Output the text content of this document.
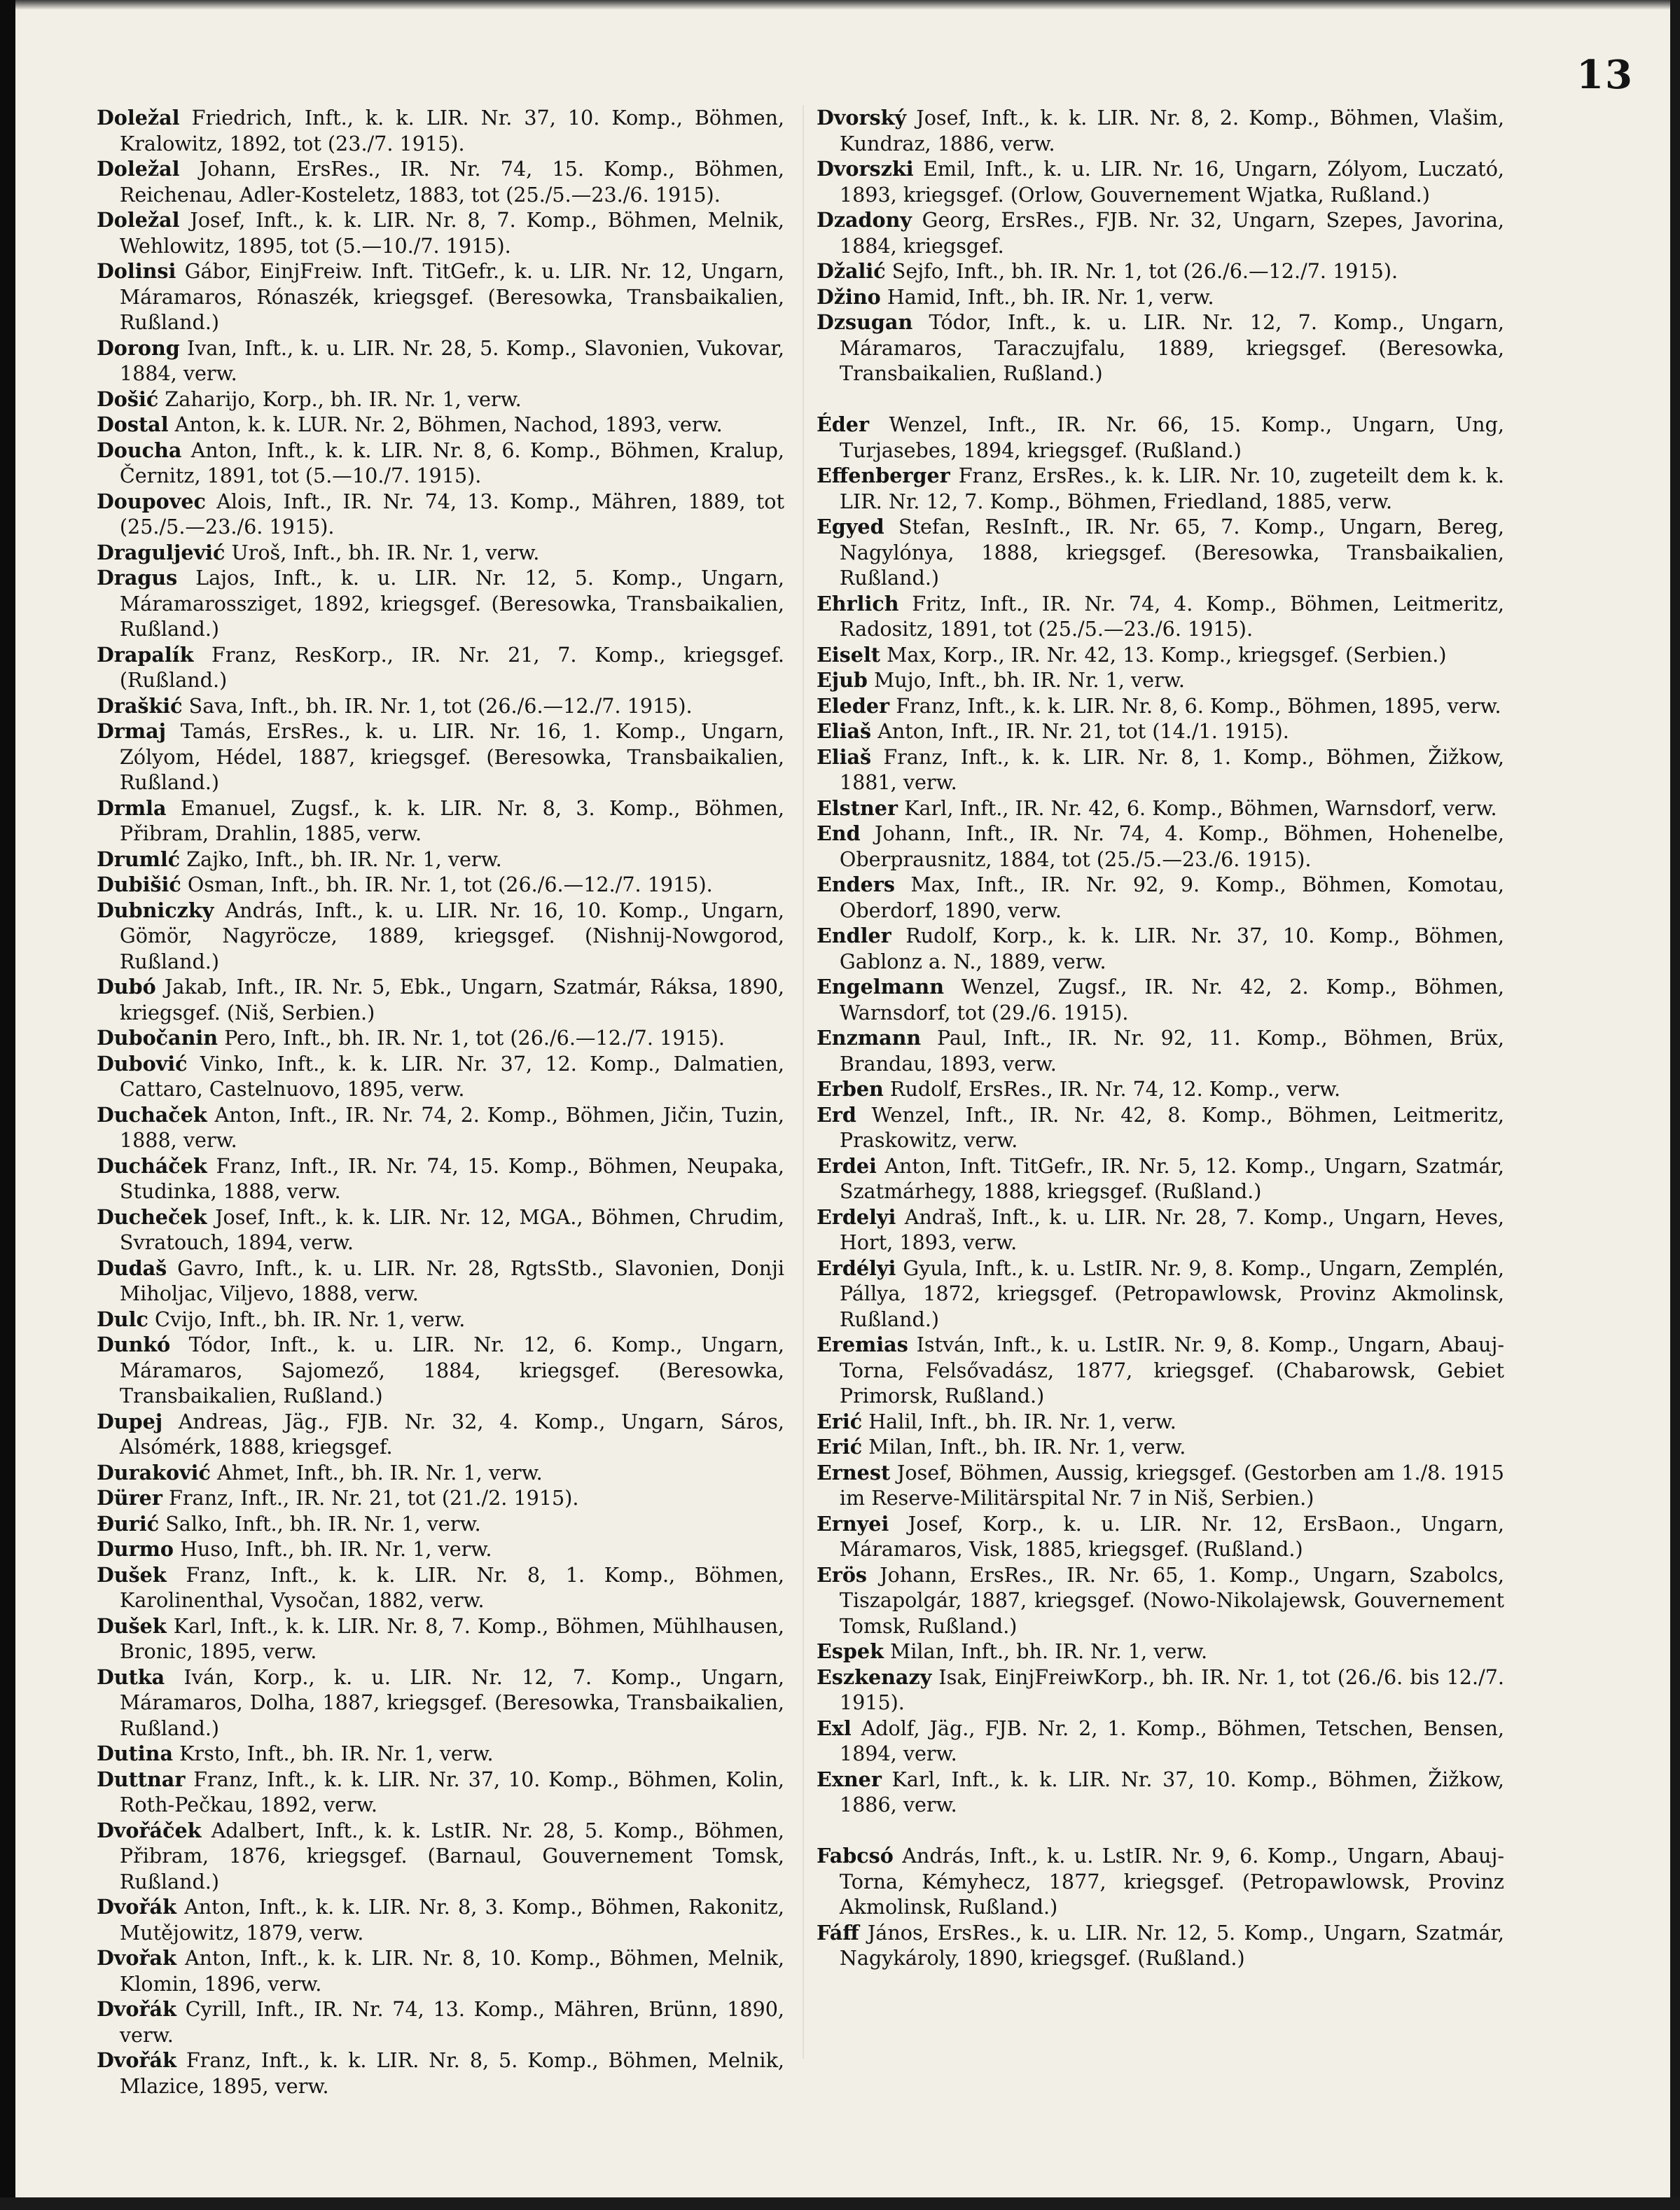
13
Doležal Friedrich, Inft., k. k. LIR. Nr. 37, 10. Komp., Böhmen, Kralowitz, 1892, tot (23./7. 1915).
Doležal Johann, ErsRes., IR. Nr. 74, 15. Komp., Böhmen, Reichenau, Adler-Kosteletz, 1883, tot (25./5.—23./6. 1915).
Doležal Josef, Inft., k. k. LIR. Nr. 8, 7. Komp., Böhmen, Melnik, Wehlowitz, 1895, tot (5.—10./7. 1915).
Dolinsi Gábor, EinjFreiw. Inft. TitGefr., k. u. LIR. Nr. 12, Ungarn, Máramaros, Rónaszék, kriegsgef. (Beresowka, Transbaikalien, Rußland.)
Dorong Ivan, Inft., k. u. LIR. Nr. 28, 5. Komp., Slavonien, Vukovar, 1884, verw.
Došić Zaharijo, Korp., bh. IR. Nr. 1, verw.
Dostal Anton, k. k. LUR. Nr. 2, Böhmen, Nachod, 1893, verw.
Doucha Anton, Inft., k. k. LIR. Nr. 8, 6. Komp., Böhmen, Kralup, Černitz, 1891, tot (5.—10./7. 1915).
Doupovec Alois, Inft., IR. Nr. 74, 13. Komp., Mähren, 1889, tot (25./5.—23./6. 1915).
Draguljević Uroš, Inft., bh. IR. Nr. 1, verw.
Dragus Lajos, Inft., k. u. LIR. Nr. 12, 5. Komp., Ungarn, Máramarossziget, 1892, kriegsgef. (Beresowka, Transbaikalien, Rußland.)
Drapalík Franz, ResKorp., IR. Nr. 21, 7. Komp., kriegsgef. (Rußland.)
Draškić Sava, Inft., bh. IR. Nr. 1, tot (26./6.—12./7. 1915).
Drmaj Tamás, ErsRes., k. u. LIR. Nr. 16, 1. Komp., Ungarn, Zólyom, Hédel, 1887, kriegsgef. (Beresowka, Transbaikalien, Rußland.)
Drmla Emanuel, Zugsf., k. k. LIR. Nr. 8, 3. Komp., Böhmen, Přibram, Drahlin, 1885, verw.
Drumlć Zajko, Inft., bh. IR. Nr. 1, verw.
Dubišić Osman, Inft., bh. IR. Nr. 1, tot (26./6.—12./7. 1915).
Dubniczky András, Inft., k. u. LIR. Nr. 16, 10. Komp., Ungarn, Gömör, Nagyröcze, 1889, kriegsgef. (Nishnij-Nowgorod, Rußland.)
Dubó Jakab, Inft., IR. Nr. 5, Ebk., Ungarn, Szatmár, Ráksa, 1890, kriegsgef. (Niš, Serbien.)
Dubočanin Pero, Inft., bh. IR. Nr. 1, tot (26./6.—12./7. 1915).
Dubović Vinko, Inft., k. k. LIR. Nr. 37, 12. Komp., Dalmatien, Cattaro, Castelnuovo, 1895, verw.
Duchaček Anton, Inft., IR. Nr. 74, 2. Komp., Böhmen, Jičin, Tuzin, 1888, verw.
Ducháček Franz, Inft., IR. Nr. 74, 15. Komp., Böhmen, Neupaka, Studinka, 1888, verw.
Ducheček Josef, Inft., k. k. LIR. Nr. 12, MGA., Böhmen, Chrudim, Svratouch, 1894, verw.
Dudaš Gavro, Inft., k. u. LIR. Nr. 28, RgtsStb., Slavonien, Donji Miholjac, Viljevo, 1888, verw.
Dulc Cvijo, Inft., bh. IR. Nr. 1, verw.
Dunkó Tódor, Inft., k. u. LIR. Nr. 12, 6. Komp., Ungarn, Máramaros, Sajomező, 1884, kriegsgef. (Beresowka, Transbaikalien, Rußland.)
Dupej Andreas, Jäg., FJB. Nr. 32, 4. Komp., Ungarn, Sáros, Alsómérk, 1888, kriegsgef.
Duraković Ahmet, Inft., bh. IR. Nr. 1, verw.
Dürer Franz, Inft., IR. Nr. 21, tot (21./2. 1915).
Đurić Salko, Inft., bh. IR. Nr. 1, verw.
Durmo Huso, Inft., bh. IR. Nr. 1, verw.
Dušek Franz, Inft., k. k. LIR. Nr. 8, 1. Komp., Böhmen, Karolinenthal, Vysočan, 1882, verw.
Dušek Karl, Inft., k. k. LIR. Nr. 8, 7. Komp., Böhmen, Mühlhausen, Bronic, 1895, verw.
Dutka Iván, Korp., k. u. LIR. Nr. 12, 7. Komp., Ungarn, Máramaros, Dolha, 1887, kriegsgef. (Beresowka, Transbaikalien, Rußland.)
Dutina Krsto, Inft., bh. IR. Nr. 1, verw.
Duttnar Franz, Inft., k. k. LIR. Nr. 37, 10. Komp., Böhmen, Kolin, Roth-Pečkau, 1892, verw.
Dvořáček Adalbert, Inft., k. k. LstIR. Nr. 28, 5. Komp., Böhmen, Přibram, 1876, kriegsgef. (Barnaul, Gouvernement Tomsk, Rußland.)
Dvořák Anton, Inft., k. k. LIR. Nr. 8, 3. Komp., Böhmen, Rakonitz, Mutějowitz, 1879, verw.
Dvořak Anton, Inft., k. k. LIR. Nr. 8, 10. Komp., Böhmen, Melnik, Klomin, 1896, verw.
Dvořák Cyrill, Inft., IR. Nr. 74, 13. Komp., Mähren, Brünn, 1890, verw.
Dvořák Franz, Inft., k. k. LIR. Nr. 8, 5. Komp., Böhmen, Melnik, Mlazice, 1895, verw.
Dvorský Josef, Inft., k. k. LIR. Nr. 8, 2. Komp., Böhmen, Vlašim, Kundraz, 1886, verw.
Dvorszki Emil, Inft., k. u. LIR. Nr. 16, Ungarn, Zólyom, Luczató, 1893, kriegsgef. (Orlow, Gouvernement Wjatka, Rußland.)
Dzadony Georg, ErsRes., FJB. Nr. 32, Ungarn, Szepes, Javorina, 1884, kriegsgef.
Džalić Sejfo, Inft., bh. IR. Nr. 1, tot (26./6.—12./7. 1915).
Džino Hamid, Inft., bh. IR. Nr. 1, verw.
Dzsugan Tódor, Inft., k. u. LIR. Nr. 12, 7. Komp., Ungarn, Máramaros, Taraczujfalu, 1889, kriegsgef. (Beresowka, Transbaikalien, Rußland.)
Éder Wenzel, Inft., IR. Nr. 66, 15. Komp., Ungarn, Ung, Turjasebes, 1894, kriegsgef. (Rußland.)
Effenberger Franz, ErsRes., k. k. LIR. Nr. 10, zugeteilt dem k. k. LIR. Nr. 12, 7. Komp., Böhmen, Friedland, 1885, verw.
Egyed Stefan, ResInft., IR. Nr. 65, 7. Komp., Ungarn, Bereg, Nagylónya, 1888, kriegsgef. (Beresowka, Transbaikalien, Rußland.)
Ehrlich Fritz, Inft., IR. Nr. 74, 4. Komp., Böhmen, Leitmeritz, Radositz, 1891, tot (25./5.—23./6. 1915).
Eiselt Max, Korp., IR. Nr. 42, 13. Komp., kriegsgef. (Serbien.)
Ejub Mujo, Inft., bh. IR. Nr. 1, verw.
Eleder Franz, Inft., k. k. LIR. Nr. 8, 6. Komp., Böhmen, 1895, verw.
Eliaš Anton, Inft., IR. Nr. 21, tot (14./1. 1915).
Eliaš Franz, Inft., k. k. LIR. Nr. 8, 1. Komp., Böhmen, Žižkow, 1881, verw.
Elstner Karl, Inft., IR. Nr. 42, 6. Komp., Böhmen, Warnsdorf, verw.
End Johann, Inft., IR. Nr. 74, 4. Komp., Böhmen, Hohenelbe, Oberprausnitz, 1884, tot (25./5.—23./6. 1915).
Enders Max, Inft., IR. Nr. 92, 9. Komp., Böhmen, Komotau, Oberdorf, 1890, verw.
Endler Rudolf, Korp., k. k. LIR. Nr. 37, 10. Komp., Böhmen, Gablonz a. N., 1889, verw.
Engelmann Wenzel, Zugsf., IR. Nr. 42, 2. Komp., Böhmen, Warnsdorf, tot (29./6. 1915).
Enzmann Paul, Inft., IR. Nr. 92, 11. Komp., Böhmen, Brüx, Brandau, 1893, verw.
Erben Rudolf, ErsRes., IR. Nr. 74, 12. Komp., verw.
Erd Wenzel, Inft., IR. Nr. 42, 8. Komp., Böhmen, Leitmeritz, Praskowitz, verw.
Erdei Anton, Inft. TitGefr., IR. Nr. 5, 12. Komp., Ungarn, Szatmár, Szatmárhegy, 1888, kriegsgef. (Rußland.)
Erdelyi Andraš, Inft., k. u. LIR. Nr. 28, 7. Komp., Ungarn, Heves, Hort, 1893, verw.
Erdélyi Gyula, Inft., k. u. LstIR. Nr. 9, 8. Komp., Ungarn, Zemplén, Pállya, 1872, kriegsgef. (Petropawlowsk, Provinz Akmolinsk, Rußland.)
Eremias István, Inft., k. u. LstIR. Nr. 9, 8. Komp., Ungarn, Abauj-Torna, Felsővadász, 1877, kriegsgef. (Chabarowsk, Gebiet Primorsk, Rußland.)
Erić Halil, Inft., bh. IR. Nr. 1, verw.
Erić Milan, Inft., bh. IR. Nr. 1, verw.
Ernest Josef, Böhmen, Aussig, kriegsgef. (Gestorben am 1./8. 1915 im Reserve-Militärspital Nr. 7 in Niš, Serbien.)
Ernyei Josef, Korp., k. u. LIR. Nr. 12, ErsBaon., Ungarn, Máramaros, Visk, 1885, kriegsgef. (Rußland.)
Erös Johann, ErsRes., IR. Nr. 65, 1. Komp., Ungarn, Szabolcs, Tiszapolgár, 1887, kriegsgef. (Nowo-Nikolajewsk, Gouvernement Tomsk, Rußland.)
Espek Milan, Inft., bh. IR. Nr. 1, verw.
Eszkenazy Isak, EinjFreiwKorp., bh. IR. Nr. 1, tot (26./6. bis 12./7. 1915).
Exl Adolf, Jäg., FJB. Nr. 2, 1. Komp., Böhmen, Tetschen, Bensen, 1894, verw.
Exner Karl, Inft., k. k. LIR. Nr. 37, 10. Komp., Böhmen, Žižkow, 1886, verw.
Fabcsó András, Inft., k. u. LstIR. Nr. 9, 6. Komp., Ungarn, Abauj-Torna, Kémyhecz, 1877, kriegsgef. (Petropawlowsk, Provinz Akmolinsk, Rußland.)
Fáff János, ErsRes., k. u. LIR. Nr. 12, 5. Komp., Ungarn, Szatmár, Nagykároly, 1890, kriegsgef. (Rußland.)
